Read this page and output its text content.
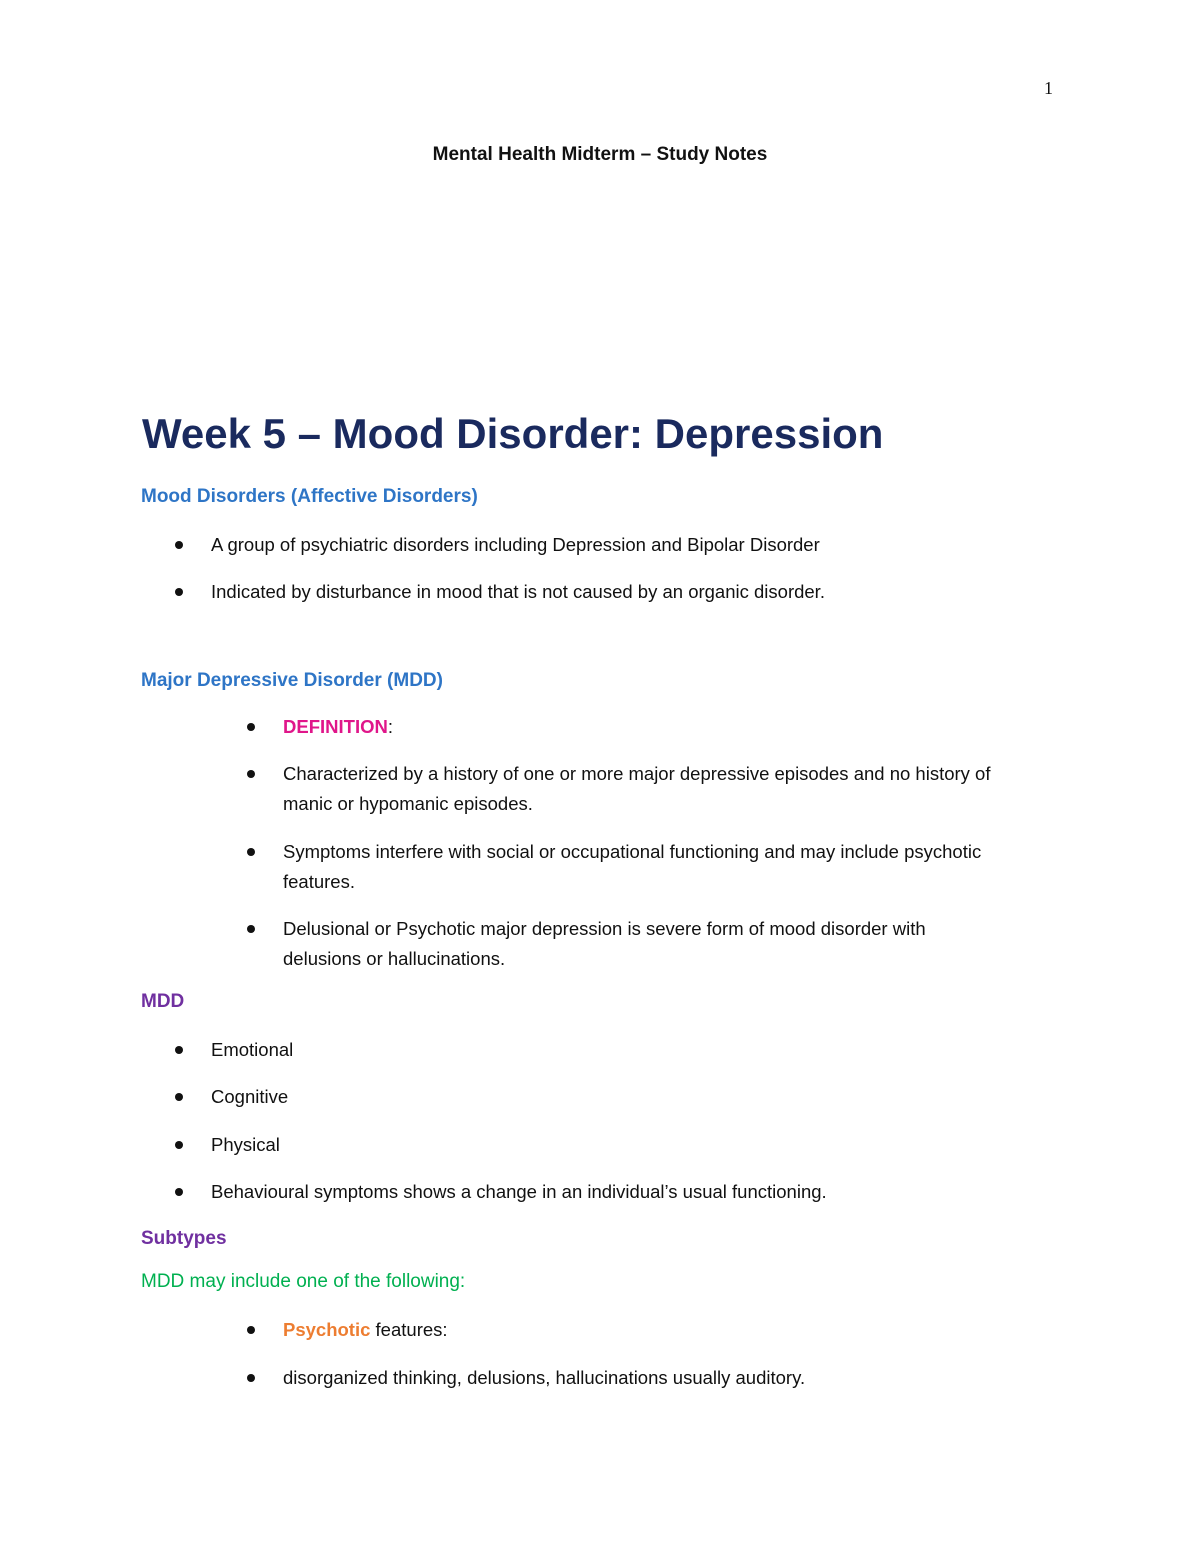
1
Mental Health Midterm – Study Notes
Week 5 – Mood Disorder: Depression
Mood Disorders (Affective Disorders)
A group of psychiatric disorders including Depression and Bipolar Disorder
Indicated by disturbance in mood that is not caused by an organic disorder.
Major Depressive Disorder (MDD)
DEFINITION:
Characterized by a history of one or more major depressive episodes and no history of
manic or hypomanic episodes.
Symptoms interfere with social or occupational functioning and may include psychotic
features.
Delusional or Psychotic major depression is severe form of mood disorder with
delusions or hallucinations.
MDD
Emotional
Cognitive
Physical
Behavioural symptoms shows a change in an individual’s usual functioning.
Subtypes
MDD may include one of the following:
Psychotic features:
disorganized thinking, delusions, hallucinations usually auditory.
